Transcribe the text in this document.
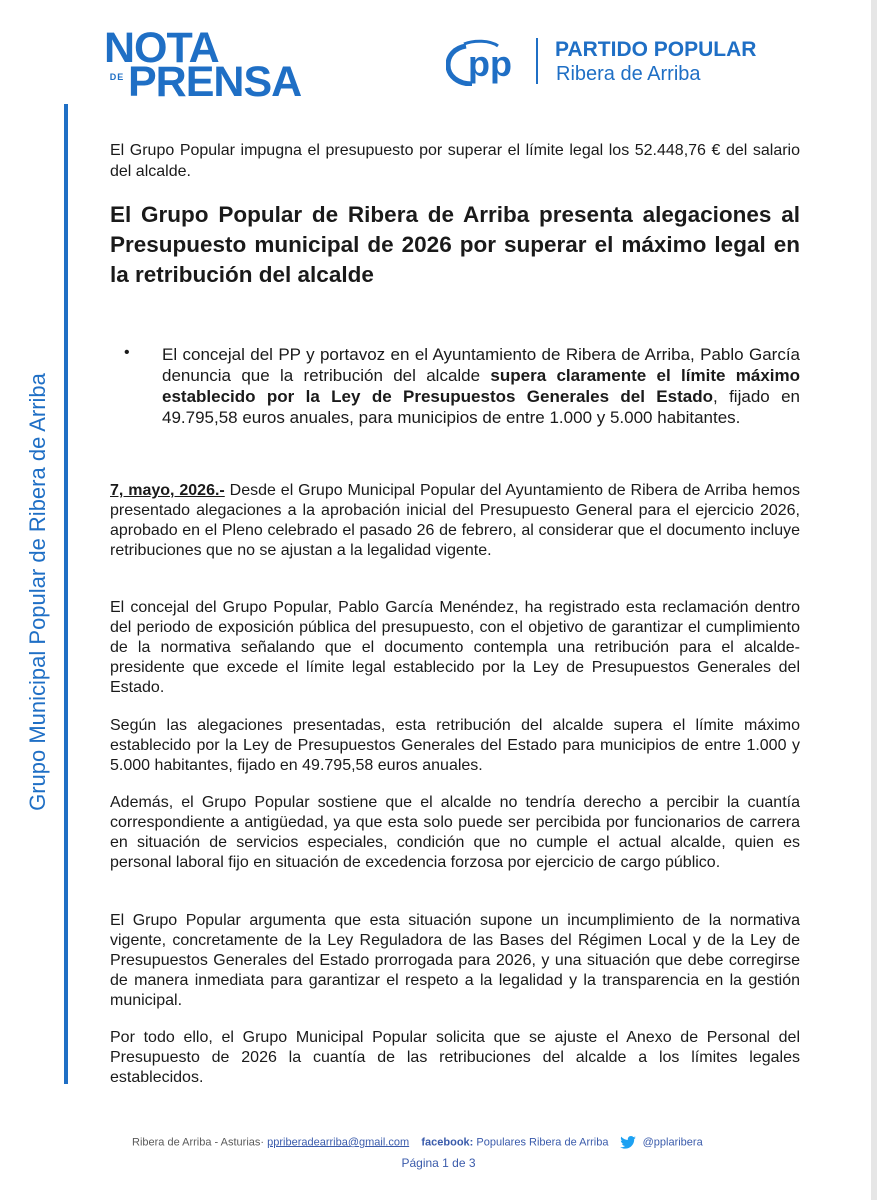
NOTA
DE PRENSA	pp PARTIDO POPULAR
Ribera de Arriba
Grupo Municipal Popular de Ribera de Arriba
El Grupo Popular impugna el presupuesto por superar el límite legal los 52.448,76 € del salario del alcalde.
El Grupo Popular de Ribera de Arriba presenta alegaciones al Presupuesto municipal de 2026 por superar el máximo legal en la retribución del alcalde
• El concejal del PP y portavoz en el Ayuntamiento de Ribera de Arriba, Pablo García denuncia que la retribución del alcalde supera claramente el límite máximo establecido por la Ley de Presupuestos Generales del Estado, fijado en 49.795,58 euros anuales, para municipios de entre 1.000 y 5.000 habitantes.
7, mayo, 2026.- Desde el Grupo Municipal Popular del Ayuntamiento de Ribera de Arriba hemos presentado alegaciones a la aprobación inicial del Presupuesto General para el ejercicio 2026, aprobado en el Pleno celebrado el pasado 26 de febrero, al considerar que el documento incluye retribuciones que no se ajustan a la legalidad vigente.
El concejal del Grupo Popular, Pablo García Menéndez, ha registrado esta reclamación dentro del periodo de exposición pública del presupuesto, con el objetivo de garantizar el cumplimiento de la normativa señalando que el documento contempla una retribución para el alcalde-presidente que excede el límite legal establecido por la Ley de Presupuestos Generales del Estado.
Según las alegaciones presentadas, esta retribución del alcalde supera el límite máximo establecido por la Ley de Presupuestos Generales del Estado para municipios de entre 1.000 y 5.000 habitantes, fijado en 49.795,58 euros anuales.
Además, el Grupo Popular sostiene que el alcalde no tendría derecho a percibir la cuantía correspondiente a antigüedad, ya que esta solo puede ser percibida por funcionarios de carrera en situación de servicios especiales, condición que no cumple el actual alcalde, quien es personal laboral fijo en situación de excedencia forzosa por ejercicio de cargo público.
El Grupo Popular argumenta que esta situación supone un incumplimiento de la normativa vigente, concretamente de la Ley Reguladora de las Bases del Régimen Local y de la Ley de Presupuestos Generales del Estado prorrogada para 2026, y una situación que debe corregirse de manera inmediata para garantizar el respeto a la legalidad y la transparencia en la gestión municipal.
Por todo ello, el Grupo Municipal Popular solicita que se ajuste el Anexo de Personal del Presupuesto de 2026 la cuantía de las retribuciones del alcalde a los límites legales establecidos.
Ribera de Arriba - Asturias· ppriberadearriba@gmail.com facebook: Populares Ribera de Arriba	@pplaribera
Página 1 de 3
